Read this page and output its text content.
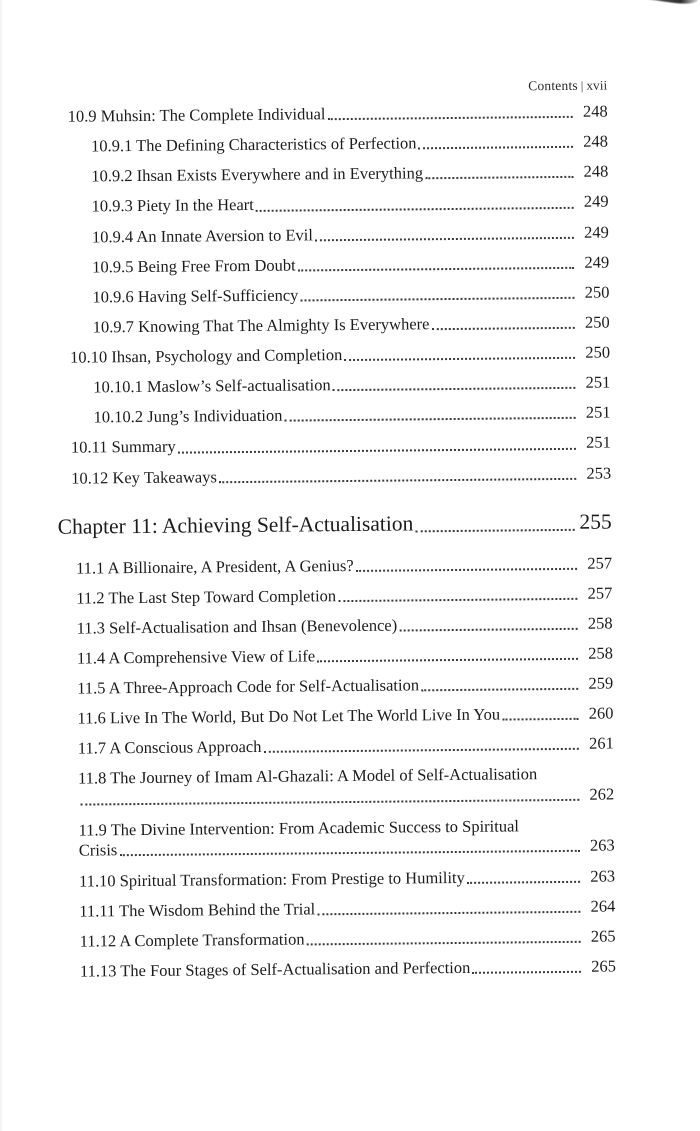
Contents | xvii
10.9 Muhsin: The Complete Individual	248
10.9.1 The Defining Characteristics of Perfection	248
10.9.2 Ihsan Exists Everywhere and in Everything	248
10.9.3 Piety In the Heart	249
10.9.4 An Innate Aversion to Evil	249
10.9.5 Being Free From Doubt	249
10.9.6 Having Self-Sufficiency	250
10.9.7 Knowing That The Almighty Is Everywhere	250
10.10 Ihsan, Psychology and Completion	250
10.10.1 Maslow’s Self-actualisation	251
10.10.2 Jung’s Individuation	251
10.11 Summary	251
10.12 Key Takeaways	253
Chapter 11: Achieving Self-Actualisation	255
11.1 A Billionaire, A President, A Genius?	257
11.2 The Last Step Toward Completion	257
11.3 Self-Actualisation and Ihsan (Benevolence)	258
11.4 A Comprehensive View of Life	258
11.5 A Three-Approach Code for Self-Actualisation	259
11.6 Live In The World, But Do Not Let The World Live In You	260
11.7 A Conscious Approach	261
11.8 The Journey of Imam Al-Ghazali: A Model of Self-Actualisation
262
11.9 The Divine Intervention: From Academic Success to Spiritual
Crisis	263
11.10 Spiritual Transformation: From Prestige to Humility	263
11.11 The Wisdom Behind the Trial	264
11.12 A Complete Transformation	265
11.13 The Four Stages of Self-Actualisation and Perfection	265
